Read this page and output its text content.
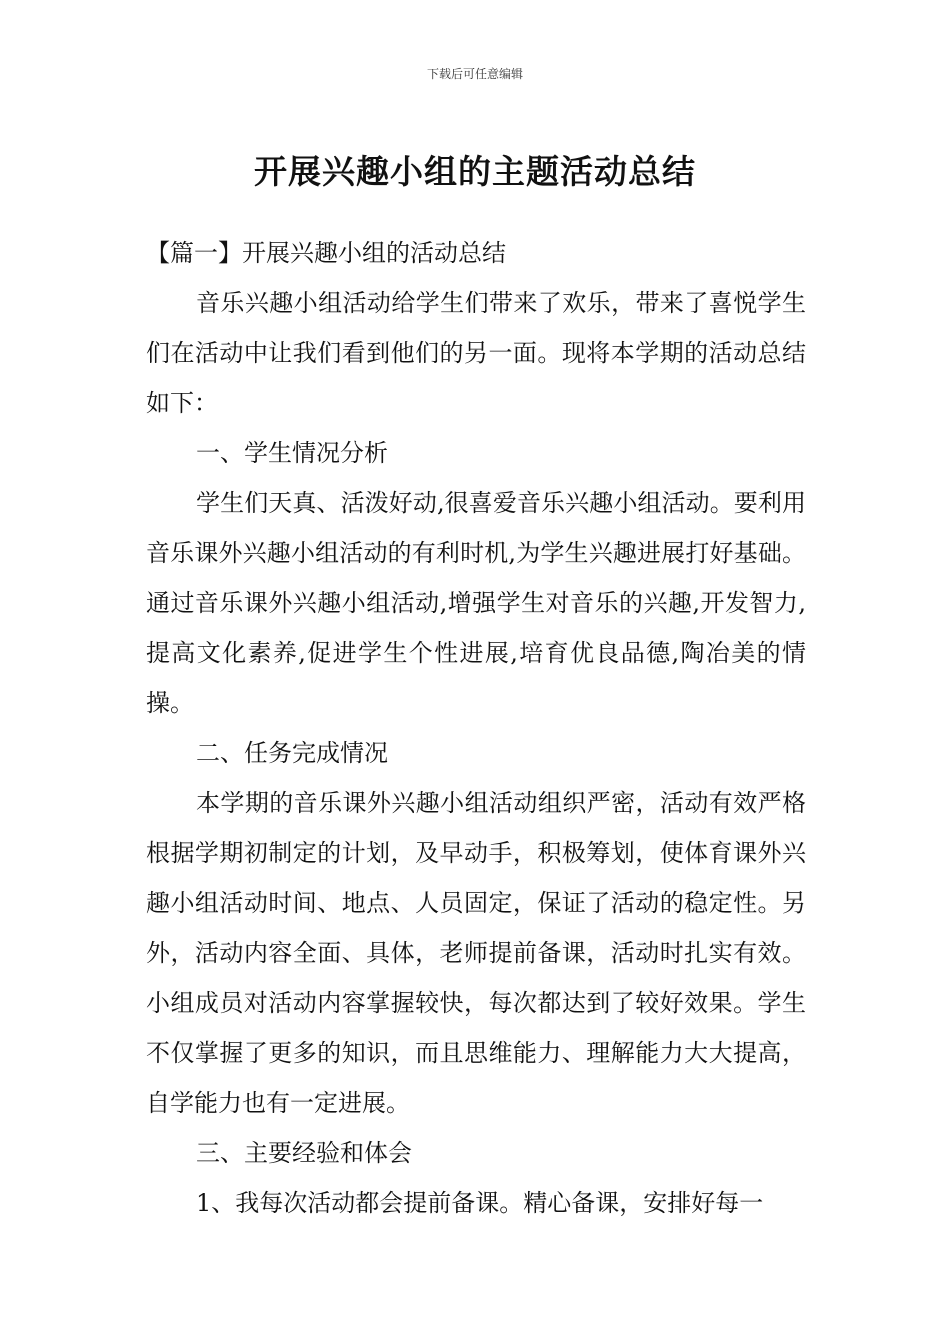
下载后可任意编辑
开展兴趣小组的主题活动总结

【篇一】开展兴趣小组的活动总结

音乐兴趣小组活动给学生们带来了欢乐，带来了喜悦学生们在活动中让我们看到他们的另一面。现将本学期的活动总结如下：

一、学生情况分析

学生们天真、活泼好动,很喜爱音乐兴趣小组活动。要利用音乐课外兴趣小组活动的有利时机,为学生兴趣进展打好基础。通过音乐课外兴趣小组活动,增强学生对音乐的兴趣,开发智力,提高文化素养,促进学生个性进展,培育优良品德,陶冶美的情操。

二、任务完成情况

本学期的音乐课外兴趣小组活动组织严密，活动有效严格根据学期初制定的计划，及早动手，积极筹划，使体育课外兴趣小组活动时间、地点、人员固定，保证了活动的稳定性。另外，活动内容全面、具体，老师提前备课，活动时扎实有效。小组成员对活动内容掌握较快，每次都达到了较好效果。学生不仅掌握了更多的知识，而且思维能力、理解能力大大提高，自学能力也有一定进展。

三、主要经验和体会

1、我每次活动都会提前备课。精心备课，安排好每一
